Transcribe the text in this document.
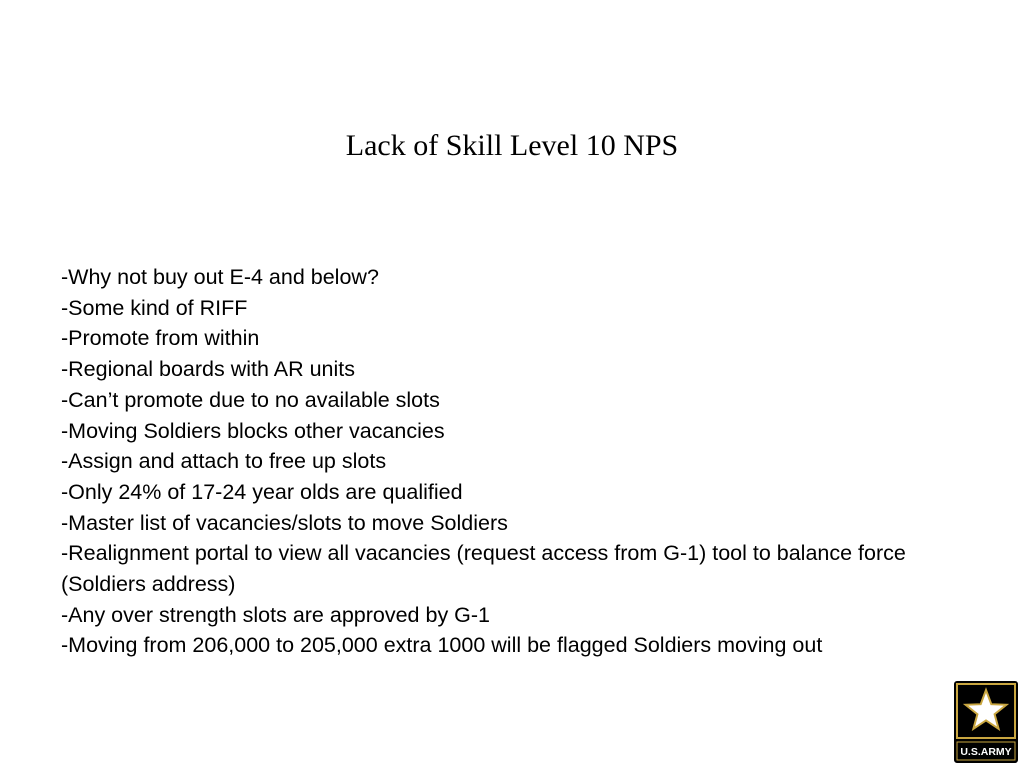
Lack of Skill Level 10 NPS
-Why not buy out E-4 and below?
-Some kind of RIFF
-Promote from within
-Regional boards with AR units
-Can’t promote due to no available slots
-Moving Soldiers blocks other vacancies
-Assign and attach to free up slots
-Only 24% of 17-24 year olds are qualified
-Master list of vacancies/slots to move Soldiers
-Realignment portal to view all vacancies (request access from G-1) tool to balance force (Soldiers address)
-Any over strength slots are approved by G-1
-Moving from 206,000 to 205,000 extra 1000 will be flagged Soldiers moving out
U.S.ARMY
